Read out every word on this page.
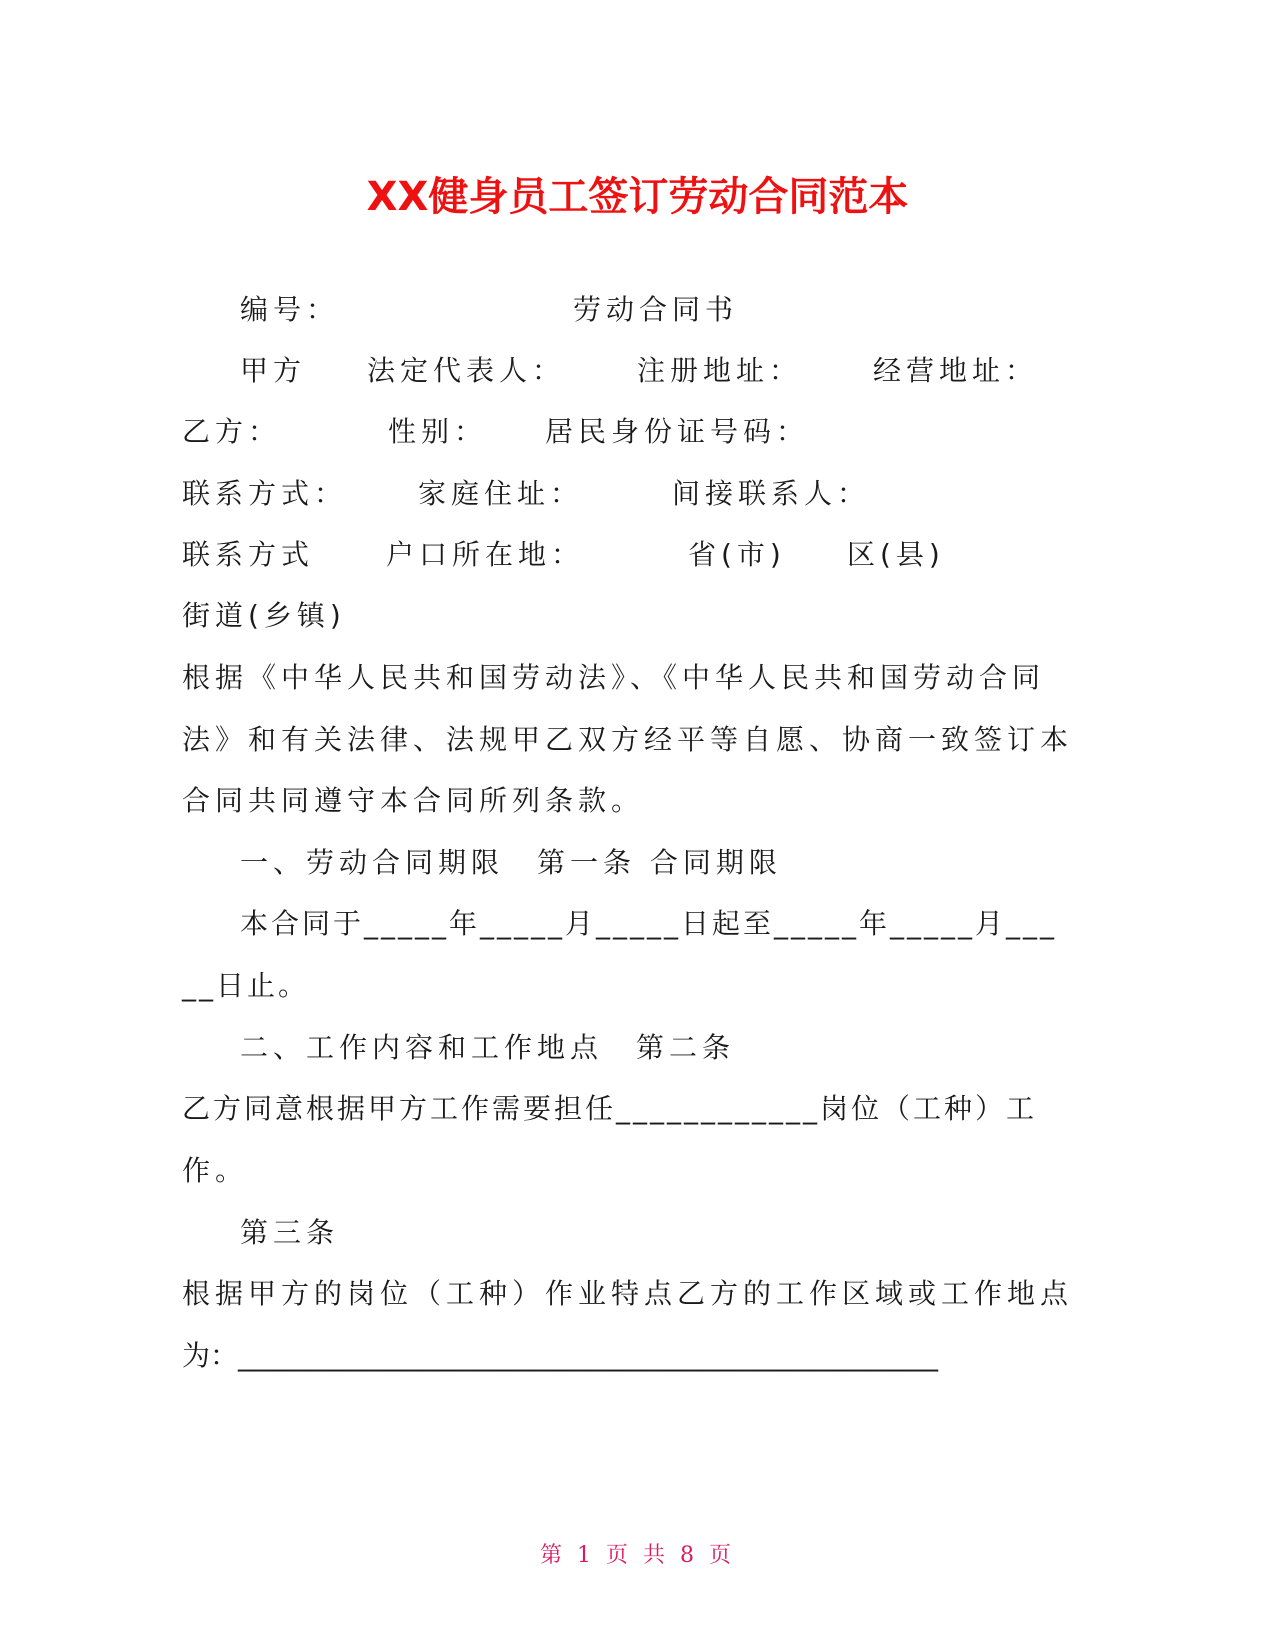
XX健身员工签订劳动合同范本
编号：	劳动合同书
甲方 法定代表人：	注册地址：	经营地址：
乙方：	性别： 居民身份证号码：
联系方式：	家庭住址：	间接联系人：
联系方式	户口所在地：	省(市) 区(县)
街道(乡镇)
根据《中华人民共和国劳动法》、《中华人民共和国劳动合同
法》和有关法律、法规甲乙双方经平等自愿、协商一致签订本
合同共同遵守本合同所列条款。
一、劳动合同期限　第一条 合同期限
本合同于_____年_____月_____日起至_____年_____月___
__日止。
二、工作内容和工作地点　第二条
乙方同意根据甲方工作需要担任____________岗位（工种）工
作。
第三条
根据甲方的岗位（工种）作业特点乙方的工作区域或工作地点
为：__________________________________________________
第 1 页 共 8 页
